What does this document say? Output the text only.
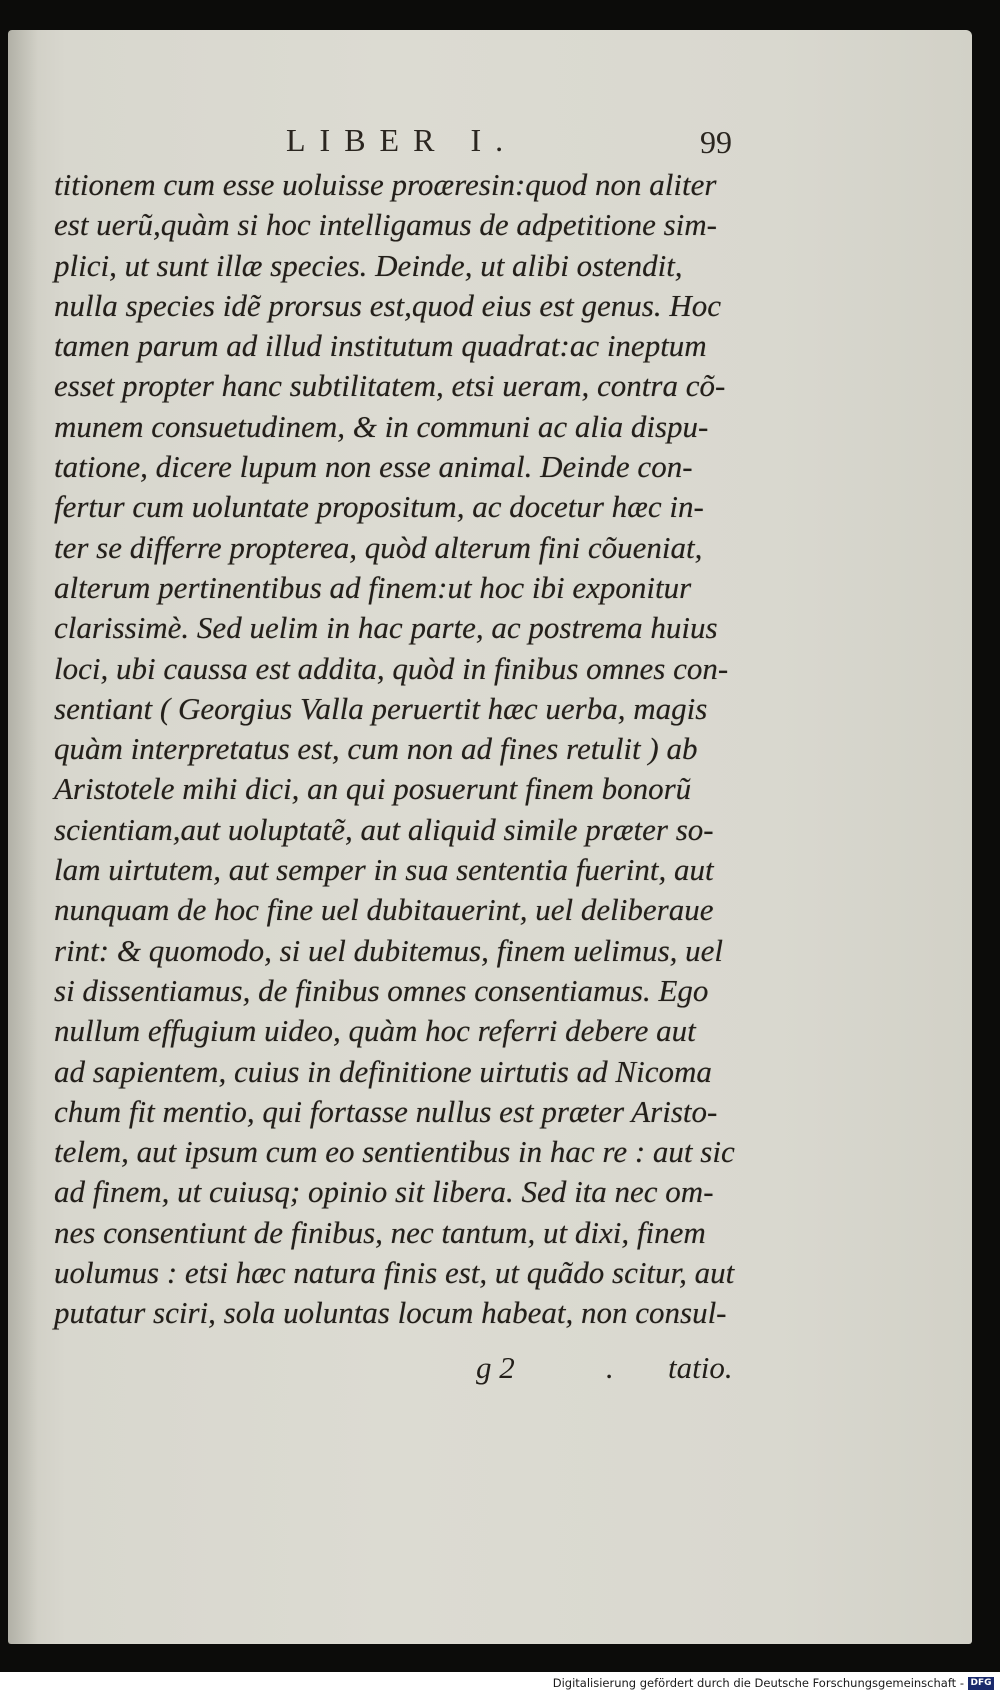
LIBER I.	99
titionem cum esse uoluisse proæresin:quod non aliter
est uerũ,quàm si hoc intelligamus de adpetitione sim-
plici, ut sunt illæ species. Deinde, ut alibi ostendit,
nulla species idẽ prorsus est,quod eius est genus. Hoc
tamen parum ad illud institutum quadrat:ac ineptum
esset propter hanc subtilitatem, etsi ueram, contra cõ-
munem consuetudinem, & in communi ac alia dispu-
tatione, dicere lupum non esse animal. Deinde con-
fertur cum uoluntate propositum, ac docetur hæc in-
ter se differre propterea, quòd alterum fini cõueniat,
alterum pertinentibus ad finem:ut hoc ibi exponitur
clarissimè. Sed uelim in hac parte, ac postrema huius
loci, ubi caussa est addita, quòd in finibus omnes con-
sentiant ( Georgius Valla peruertit hæc uerba, magis
quàm interpretatus est, cum non ad fines retulit ) ab
Aristotele mihi dici, an qui posuerunt finem bonorũ
scientiam,aut uoluptatẽ, aut aliquid simile præter so-
lam uirtutem, aut semper in sua sententia fuerint, aut
nunquam de hoc fine uel dubitauerint, uel deliberaue
rint: & quomodo, si uel dubitemus, finem uelimus, uel
si dissentiamus, de finibus omnes consentiamus. Ego
nullum effugium uideo, quàm hoc referri debere aut
ad sapientem, cuius in definitione uirtutis ad Nicoma
chum fit mentio, qui fortasse nullus est præter Aristo-
telem, aut ipsum cum eo sentientibus in hac re : aut sic
ad finem, ut cuiusq; opinio sit libera. Sed ita nec om-
nes consentiunt de finibus, nec tantum, ut dixi, finem
uolumus : etsi hæc natura finis est, ut quãdo scitur, aut
putatur sciri, sola uoluntas locum habeat, non consul-
g 2	. tatio.
Digitalisierung gefördert durch die Deutsche Forschungsgemeinschaft - DFG
